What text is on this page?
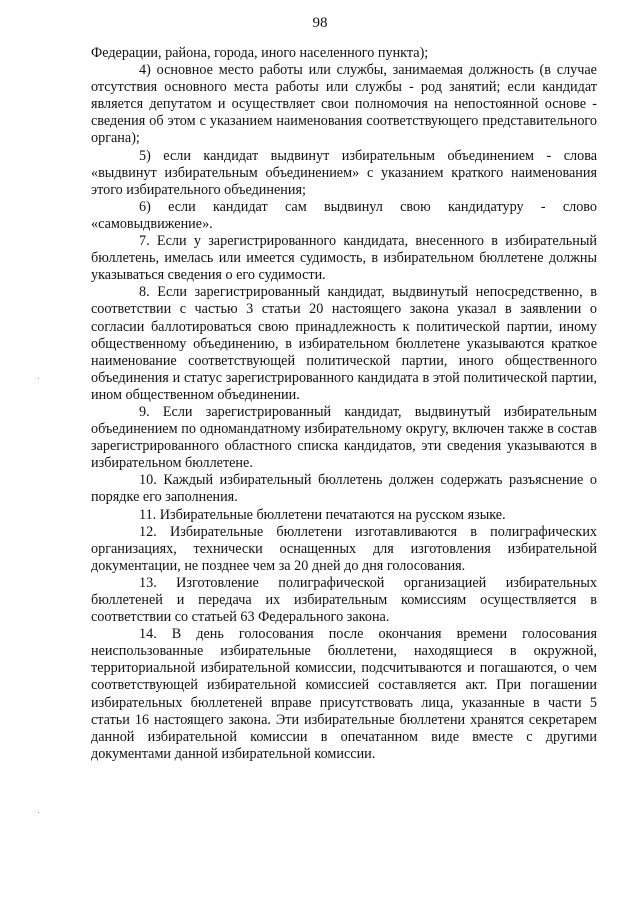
98

Федерации, района, города, иного населенного пункта);

4) основное место работы или службы, занимаемая должность (в случае отсутствия основного места работы или службы - род занятий; если кандидат является депутатом и осуществляет свои полномочия на непостоянной основе - сведения об этом с указанием наименования соответствующего представительного органа);

5) если кандидат выдвинут избирательным объединением - слова «выдвинут избирательным объединением» с указанием краткого наименования этого избирательного объединения;

6) если кандидат сам выдвинул свою кандидатуру - слово «самовыдвижение».

7. Если у зарегистрированного кандидата, внесенного в избирательный бюллетень, имелась или имеется судимость, в избирательном бюллетене должны указываться сведения о его судимости.

8. Если зарегистрированный кандидат, выдвинутый непосредственно, в соответствии с частью 3 статьи 20 настоящего закона указал в заявлении о согласии баллотироваться свою принадлежность к политической партии, иному общественному объединению, в избирательном бюллетене указываются краткое наименование соответствующей политической партии, иного общественного объединения и статус зарегистрированного кандидата в этой политической партии, ином общественном объединении.

9. Если зарегистрированный кандидат, выдвинутый избирательным объединением по одномандатному избирательному округу, включен также в состав зарегистрированного областного списка кандидатов, эти сведения указываются в избирательном бюллетене.

10. Каждый избирательный бюллетень должен содержать разъяснение о порядке его заполнения.

11. Избирательные бюллетени печатаются на русском языке.

12. Избирательные бюллетени изготавливаются в полиграфических организациях, технически оснащенных для изготовления избирательной документации, не позднее чем за 20 дней до дня голосования.

13. Изготовление полиграфической организацией избирательных бюллетеней и передача их избирательным комиссиям осуществляется в соответствии со статьей 63 Федерального закона.

14. В день голосования после окончания времени голосования неиспользованные избирательные бюллетени, находящиеся в окружной, территориальной избирательной комиссии, подсчитываются и погашаются, о чем соответствующей избирательной комиссией составляется акт. При погашении избирательных бюллетеней вправе присутствовать лица, указанные в части 5 статьи 16 настоящего закона. Эти избирательные бюллетени хранятся секретарем данной избирательной комиссии в опечатанном виде вместе с другими документами данной избирательной комиссии.
